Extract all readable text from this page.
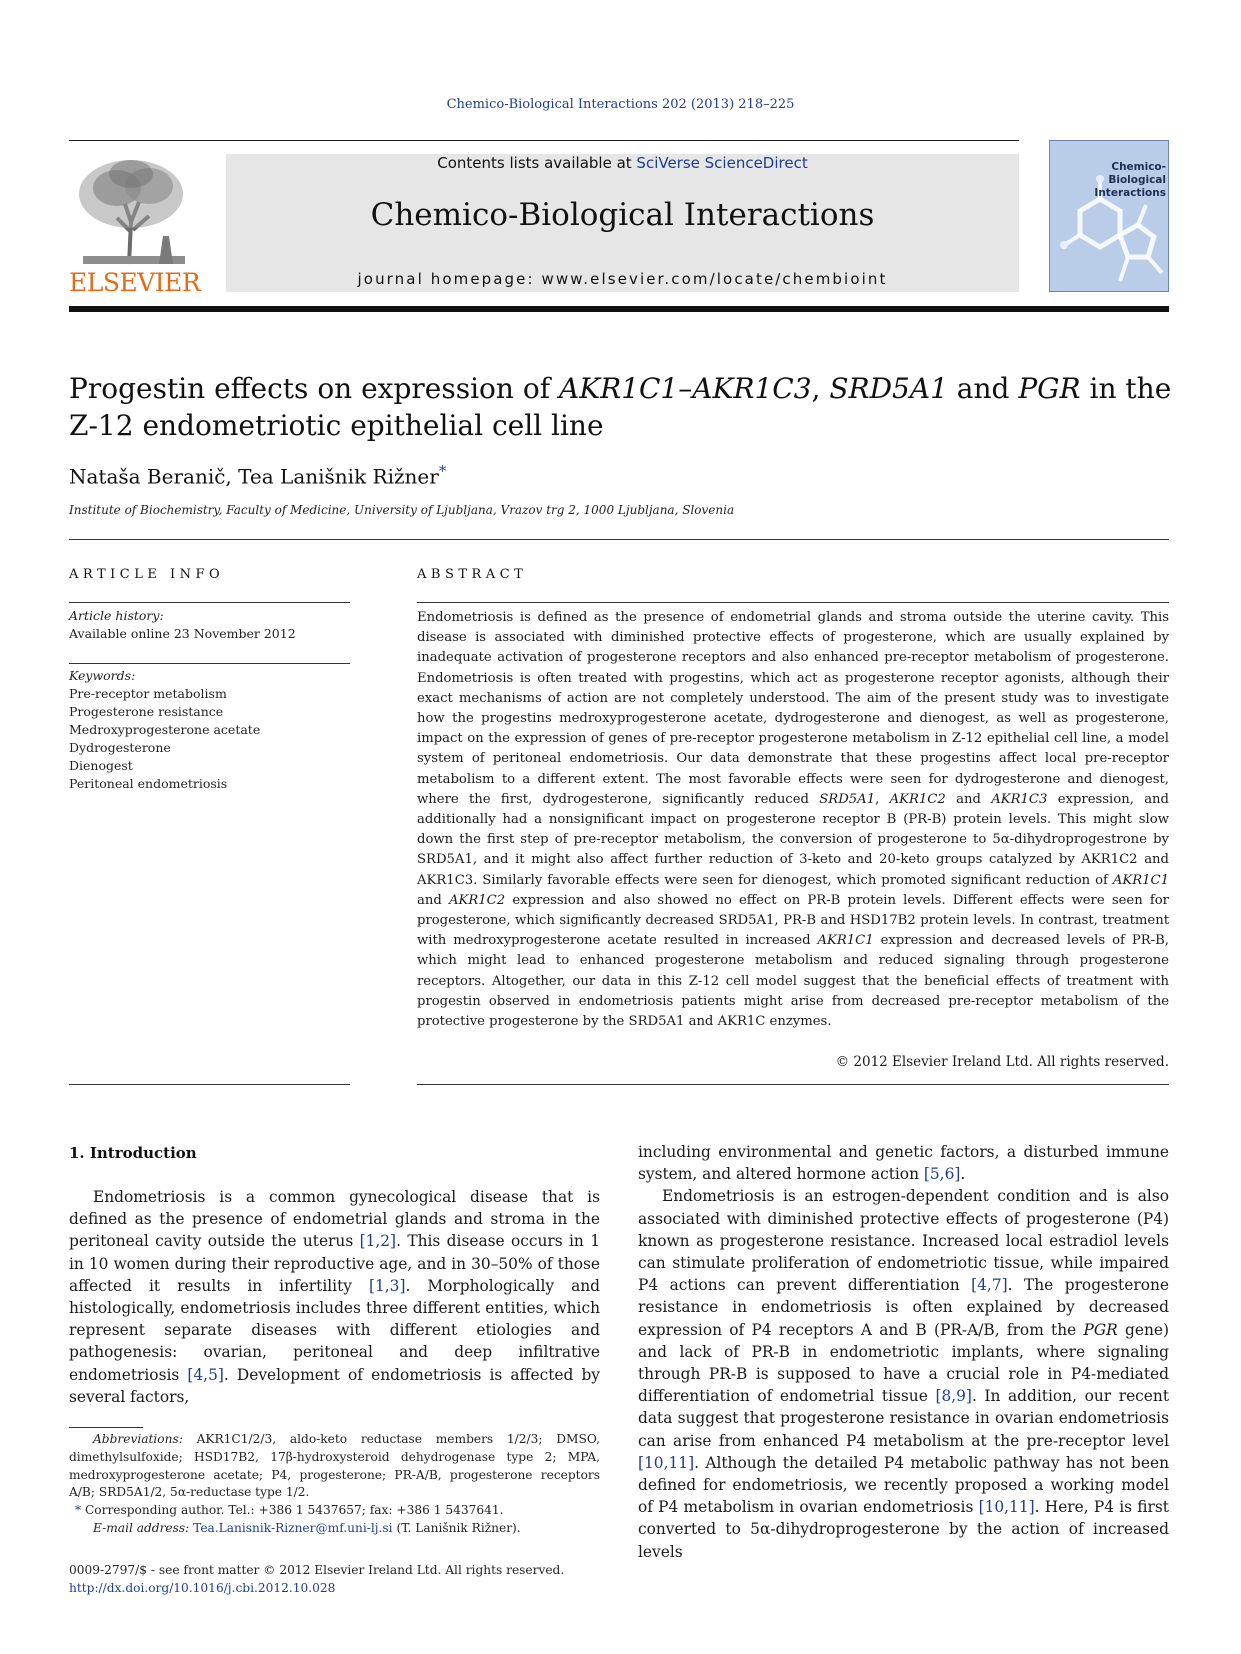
Chemico-Biological Interactions 202 (2013) 218–225
ELSEVIER
Contents lists available at SciVerse ScienceDirect
Chemico-Biological Interactions
journal homepage: www.elsevier.com/locate/chembioint
Chemico-Biological Interactions
Progestin effects on expression of AKR1C1–AKR1C3, SRD5A1 and PGR in the Z-12 endometriotic epithelial cell line
Nataša Beranič, Tea Lanišnik Rižner*
Institute of Biochemistry, Faculty of Medicine, University of Ljubljana, Vrazov trg 2, 1000 Ljubljana, Slovenia
ARTICLE INFO	ABSTRACT
Article history:
Available online 23 November 2012
Keywords:
Pre-receptor metabolism
Progesterone resistance
Medroxyprogesterone acetate
Dydrogesterone
Dienogest
Peritoneal endometriosis
Endometriosis is defined as the presence of endometrial glands and stroma outside the uterine cavity. This disease is associated with diminished protective effects of progesterone, which are usually explained by inadequate activation of progesterone receptors and also enhanced pre-receptor metabolism of progesterone. Endometriosis is often treated with progestins, which act as progesterone receptor agonists, although their exact mechanisms of action are not completely understood. The aim of the present study was to investigate how the progestins medroxyprogesterone acetate, dydrogesterone and dienogest, as well as progesterone, impact on the expression of genes of pre-receptor progesterone metabolism in Z-12 epithelial cell line, a model system of peritoneal endometriosis. Our data demonstrate that these progestins affect local pre-receptor metabolism to a different extent. The most favorable effects were seen for dydrogesterone and dienogest, where the first, dydrogesterone, significantly reduced SRD5A1, AKR1C2 and AKR1C3 expression, and additionally had a nonsignificant impact on progesterone receptor B (PR-B) protein levels. This might slow down the first step of pre-receptor metabolism, the conversion of progesterone to 5α-dihydroprogestrone by SRD5A1, and it might also affect further reduction of 3-keto and 20-keto groups catalyzed by AKR1C2 and AKR1C3. Similarly favorable effects were seen for dienogest, which promoted significant reduction of AKR1C1 and AKR1C2 expression and also showed no effect on PR-B protein levels. Different effects were seen for progesterone, which significantly decreased SRD5A1, PR-B and HSD17B2 protein levels. In contrast, treatment with medroxyprogesterone acetate resulted in increased AKR1C1 expression and decreased levels of PR-B, which might lead to enhanced progesterone metabolism and reduced signaling through progesterone receptors. Altogether, our data in this Z-12 cell model suggest that the beneficial effects of treatment with progestin observed in endometriosis patients might arise from decreased pre-receptor metabolism of the protective progesterone by the SRD5A1 and AKR1C enzymes.
© 2012 Elsevier Ireland Ltd. All rights reserved.
1. Introduction

Endometriosis is a common gynecological disease that is defined as the presence of endometrial glands and stroma in the peritoneal cavity outside the uterus [1,2]. This disease occurs in 1 in 10 women during their reproductive age, and in 30–50% of those affected it results in infertility [1,3]. Morphologically and histologically, endometriosis includes three different entities, which represent separate diseases with different etiologies and pathogenesis: ovarian, peritoneal and deep infiltrative endometriosis [4,5]. Development of endometriosis is affected by several factors,

including environmental and genetic factors, a disturbed immune system, and altered hormone action [5,6].

Endometriosis is an estrogen-dependent condition and is also associated with diminished protective effects of progesterone (P4) known as progesterone resistance. Increased local estradiol levels can stimulate proliferation of endometriotic tissue, while impaired P4 actions can prevent differentiation [4,7]. The progesterone resistance in endometriosis is often explained by decreased expression of P4 receptors A and B (PR-A/B, from the PGR gene) and lack of PR-B in endometriotic implants, where signaling through PR-B is supposed to have a crucial role in P4-mediated differentiation of endometrial tissue [8,9]. In addition, our recent data suggest that progesterone resistance in ovarian endometriosis can arise from enhanced P4 metabolism at the pre-receptor level [10,11]. Although the detailed P4 metabolic pathway has not been defined for endometriosis, we recently proposed a working model of P4 metabolism in ovarian endometriosis [10,11]. Here, P4 is first converted to 5α-dihydroprogesterone by the action of increased levels

Abbreviations: AKR1C1/2/3, aldo-keto reductase members 1/2/3; DMSO, dimethylsulfoxide; HSD17B2, 17β-hydroxysteroid dehydrogenase type 2; MPA, medroxyprogesterone acetate; P4, progesterone; PR-A/B, progesterone receptors A/B; SRD5A1/2, 5α-reductase type 1/2.

* Corresponding author. Tel.: +386 1 5437657; fax: +386 1 5437641.

E-mail address: Tea.Lanisnik-Rizner@mf.uni-lj.si (T. Lanišnik Rižner).

0009-2797/$ - see front matter © 2012 Elsevier Ireland Ltd. All rights reserved.
http://dx.doi.org/10.1016/j.cbi.2012.10.028
